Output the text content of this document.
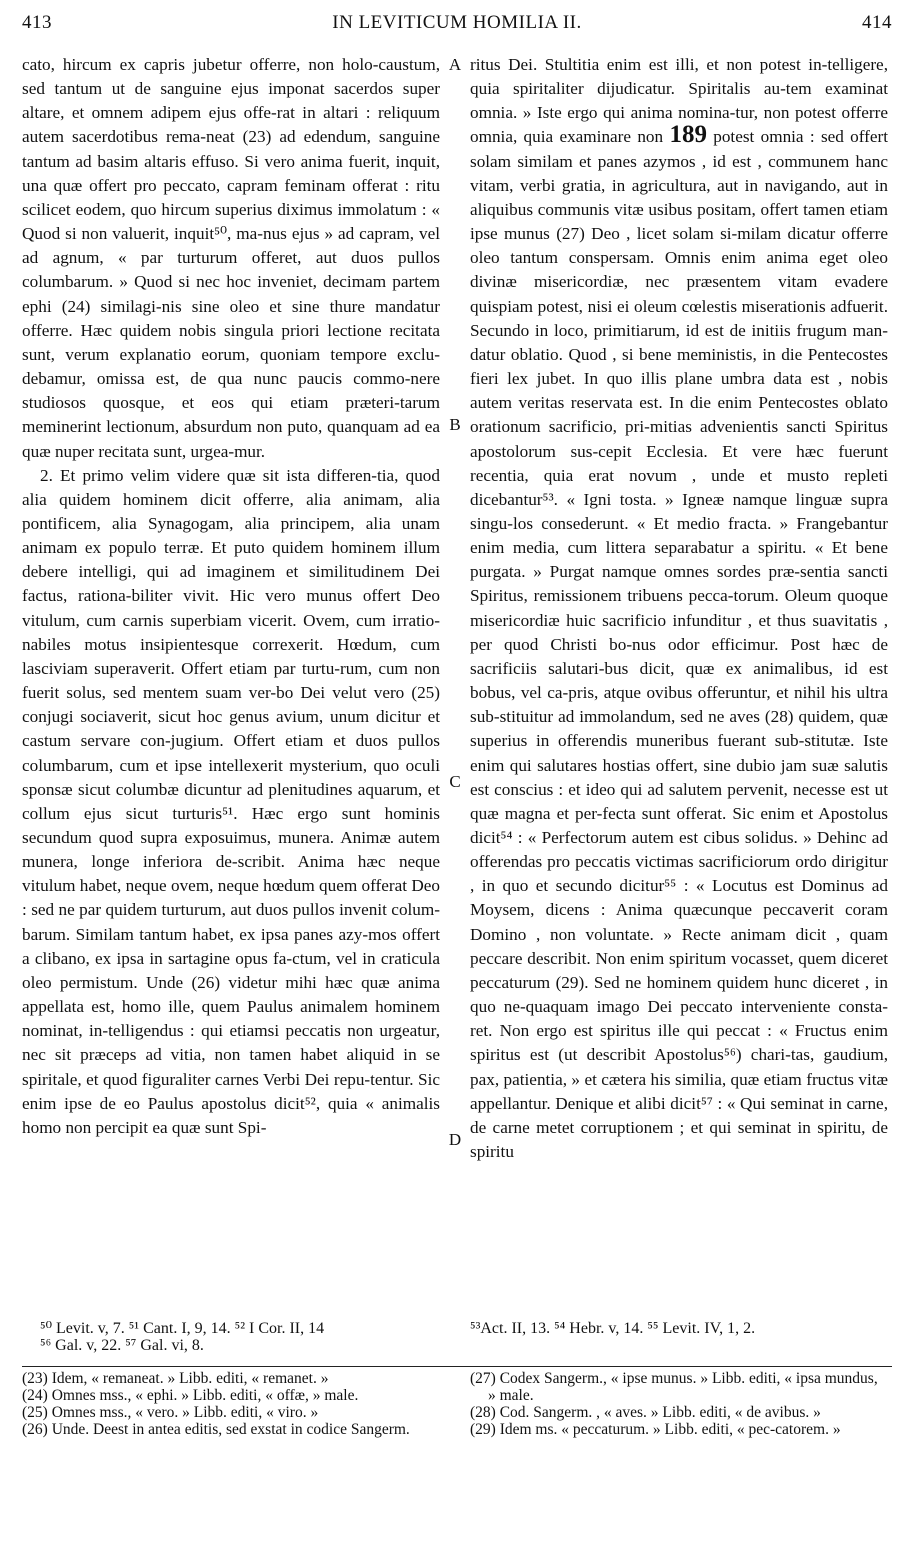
413	IN LEVITICUM HOMILIA II.	414
A
B
C
D

cato, hircum ex capris jubetur offerre, non holo-caustum, sed tantum ut de sanguine ejus imponat sacerdos super altare, et omnem adipem ejus offe-rat in altari : reliquum autem sacerdotibus rema-neat (23) ad edendum, sanguine tantum ad basim altaris effuso. Si vero anima fuerit, inquit, una quæ offert pro peccato, capram feminam offerat : ritu scilicet eodem, quo hircum superius diximus immolatum : « Quod si non valuerit, inquit⁵⁰, ma-nus ejus » ad capram, vel ad agnum, « par turturum offeret, aut duos pullos columbarum. » Quod si nec hoc inveniet, decimam partem ephi (24) similagi-nis sine oleo et sine thure mandatur offerre. Hæc quidem nobis singula priori lectione recitata sunt, verum explanatio eorum, quoniam tempore exclu-debamur, omissa est, de qua nunc paucis commo-nere studiosos quosque, et eos qui etiam præteri-tarum meminerint lectionum, absurdum non puto, quanquam ad ea quæ nuper recitata sunt, urgea-mur.

2. Et primo velim videre quæ sit ista differen-tia, quod alia quidem hominem dicit offerre, alia animam, alia pontificem, alia Synagogam, alia principem, alia unam animam ex populo terræ. Et puto quidem hominem illum debere intelligi, qui ad imaginem et similitudinem Dei factus, rationa-biliter vivit. Hic vero munus offert Deo vitulum, cum carnis superbiam vicerit. Ovem, cum irratio-nabiles motus insipientesque correxerit. Hœdum, cum lasciviam superaverit. Offert etiam par turtu-rum, cum non fuerit solus, sed mentem suam ver-bo Dei velut vero (25) conjugi sociaverit, sicut hoc genus avium, unum dicitur et castum servare con-jugium. Offert etiam et duos pullos columbarum, cum et ipse intellexerit mysterium, quo oculi sponsæ sicut columbæ dicuntur ad plenitudines aquarum, et collum ejus sicut turturis⁵¹. Hæc ergo sunt hominis secundum quod supra exposuimus, munera. Animæ autem munera, longe inferiora de-scribit. Anima hæc neque vitulum habet, neque ovem, neque hœdum quem offerat Deo : sed ne par quidem turturum, aut duos pullos invenit colum-barum. Similam tantum habet, ex ipsa panes azy-mos offert a clibano, ex ipsa in sartagine opus fa-ctum, vel in craticula oleo permistum. Unde (26) videtur mihi hæc quæ anima appellata est, homo ille, quem Paulus animalem hominem nominat, in-telligendus : qui etiamsi peccatis non urgeatur, nec sit præceps ad vitia, non tamen habet aliquid in se spiritale, et quod figuraliter carnes Verbi Dei repu-tentur. Sic enim ipse de eo Paulus apostolus dicit⁵², quia « animalis homo non percipit ea quæ sunt Spi-

ritus Dei. Stultitia enim est illi, et non potest in-telligere, quia spiritaliter dijudicatur. Spiritalis au-tem examinat omnia. » Iste ergo qui anima nomina-tur, non potest offerre omnia, quia examinare non 189 potest omnia : sed offert solam similam et panes azymos , id est , communem hanc vitam, verbi gratia, in agricultura, aut in navigando, aut in aliquibus communis vitæ usibus positam, offert tamen etiam ipse munus (27) Deo , licet solam si-milam dicatur offerre oleo tantum conspersam. Omnis enim anima eget oleo divinæ misericordiæ, nec præsentem vitam evadere quispiam potest, nisi ei oleum cœlestis miserationis adfuerit. Secundo in loco, primitiarum, id est de initiis frugum man-datur oblatio. Quod , si bene meministis, in die Pentecostes fieri lex jubet. In quo illis plane umbra data est , nobis autem veritas reservata est. In die enim Pentecostes oblato orationum sacrificio, pri-mitias advenientis sancti Spiritus apostolorum sus-cepit Ecclesia. Et vere hæc fuerunt recentia, quia erat novum , unde et musto repleti dicebantur⁵³. « Igni tosta. » Igneæ namque linguæ supra singu-los consederunt. « Et medio fracta. » Frangebantur enim media, cum littera separabatur a spiritu. « Et bene purgata. » Purgat namque omnes sordes præ-sentia sancti Spiritus, remissionem tribuens pecca-torum. Oleum quoque misericordiæ huic sacrificio infunditur , et thus suavitatis , per quod Christi bo-nus odor efficimur. Post hæc de sacrificiis salutari-bus dicit, quæ ex animalibus, id est bobus, vel ca-pris, atque ovibus offeruntur, et nihil his ultra sub-stituitur ad immolandum, sed ne aves (28) quidem, quæ superius in offerendis muneribus fuerant sub-stitutæ. Iste enim qui salutares hostias offert, sine dubio jam suæ salutis est conscius : et ideo qui ad salutem pervenit, necesse est ut quæ magna et per-fecta sunt offerat. Sic enim et Apostolus dicit⁵⁴ : « Perfectorum autem est cibus solidus. » Dehinc ad offerendas pro peccatis victimas sacrificiorum ordo dirigitur , in quo et secundo dicitur⁵⁵ : « Locutus est Dominus ad Moysem, dicens : Anima quæcunque peccaverit coram Domino , non voluntate. » Recte animam dicit , quam peccare describit. Non enim spiritum vocasset, quem diceret peccaturum (29). Sed ne hominem quidem hunc diceret , in quo ne-quaquam imago Dei peccato interveniente consta-ret. Non ergo est spiritus ille qui peccat : « Fructus enim spiritus est (ut describit Apostolus⁵⁶) chari-tas, gaudium, pax, patientia, » et cætera his similia, quæ etiam fructus vitæ appellantur. Denique et alibi dicit⁵⁷ : « Qui seminat in carne, de carne metet corruptionem ; et qui seminat in spiritu, de spiritu

⁵⁰ Levit. v, 7. ⁵¹ Cant. I, 9, 14. ⁵² I Cor. II, 14
⁵⁶ Gal. v, 22. ⁵⁷ Gal. vi, 8.
⁵³Act. II, 13. ⁵⁴ Hebr. v, 14. ⁵⁵ Levit. IV, 1, 2.
(23) Idem, « remaneat. » Libb. editi, « remanet. »
(24) Omnes mss., « ephi. » Libb. editi, « offæ, » male.
(25) Omnes mss., « vero. » Libb. editi, « viro. »
(26) Unde. Deest in antea editis, sed exstat in codice Sangerm.
(27) Codex Sangerm., « ipse munus. » Libb. editi, « ipsa mundus, » male.
(28) Cod. Sangerm. , « aves. » Libb. editi, « de avibus. »
(29) Idem ms. « peccaturum. » Libb. editi, « pec-catorem. »
